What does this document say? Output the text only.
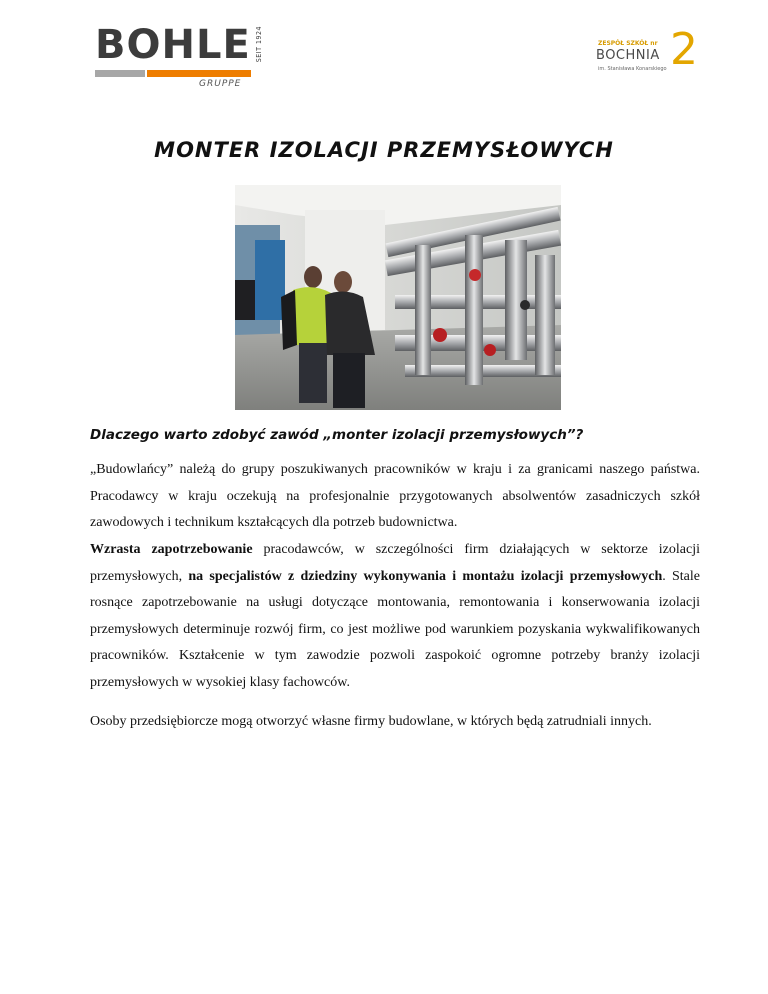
BOHLE SEIT 1924
GRUPPE
ZESPÓŁ SZKÓŁ nr
BOCHNIA 2
im. Stanisława Konarskiego
MONTER IZOLACJI PRZEMYSŁOWYCH
Dlaczego warto zdobyć zawód „monter izolacji przemysłowych”?
„Budowlańcy” należą do grupy poszukiwanych pracowników w kraju i za granicami naszego państwa. Pracodawcy w kraju oczekują na profesjonalnie przygotowanych absolwentów zasadniczych szkół zawodowych i technikum kształcących dla potrzeb budownictwa.
Wzrasta zapotrzebowanie pracodawców, w szczególności firm działających w sektorze izolacji przemysłowych, na specjalistów z dziedziny wykonywania i montażu izolacji przemysłowych. Stale rosnące zapotrzebowanie na usługi dotyczące montowania, remontowania i konserwowania izolacji przemysłowych determinuje rozwój firm, co jest możliwe pod warunkiem pozyskania wykwalifikowanych pracowników. Kształcenie w tym zawodzie pozwoli zaspokoić ogromne potrzeby branży izolacji przemysłowych w wysokiej klasy fachowców.
Osoby przedsiębiorcze mogą otworzyć własne firmy budowlane, w których będą zatrudniali innych.
